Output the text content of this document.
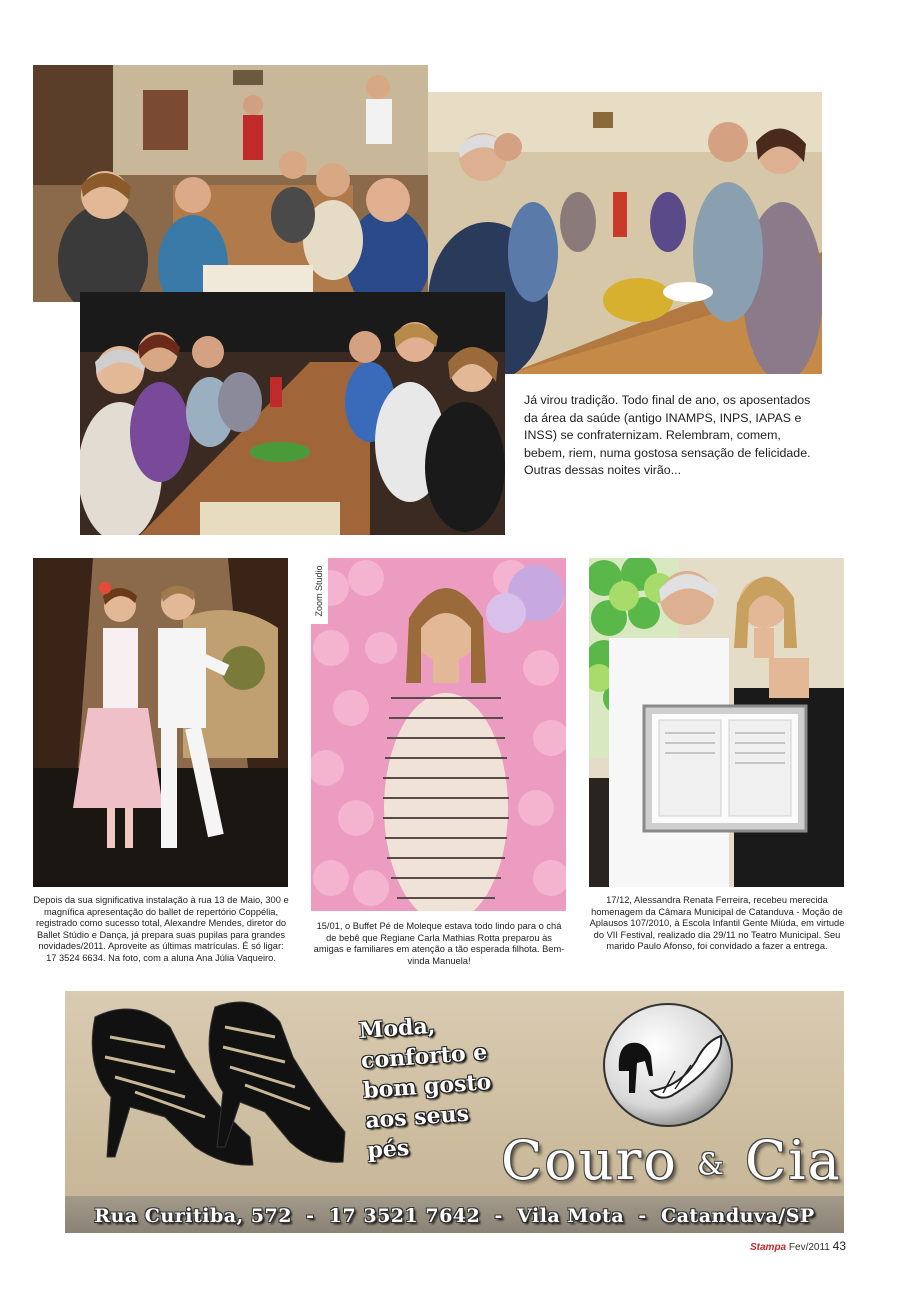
Já virou tradição. Todo final de ano, os aposentados da área da saúde (antigo INAMPS, INPS, IAPAS e INSS) se confraternizam. Relembram, comem, bebem, riem, numa gostosa sensação de felicidade. Outras dessas noites virão...
Zoom Studio
Depois da sua significativa instalação à rua 13 de Maio, 300 e magnífica apresentação do ballet de repertório Coppélia, registrado como sucesso total, Alexandre Mendes, diretor do Ballet Stúdio e Dança, já prepara suas pupilas para grandes novidades/2011. Aproveite as últimas matrículas. É só ligar: 17 3524 6634. Na foto, com a aluna Ana Júlia Vaqueiro.
15/01, o Buffet Pé de Moleque estava todo lindo para o chá de bebê que Regiane Carla Mathias Rotta preparou às amigas e familiares em atenção a tão esperada filhota. Bem-vinda Manuela!
17/12, Alessandra Renata Ferreira, recebeu merecida homenagem da Câmara Municipal de Catanduva - Moção de Aplausos 107/2010, à Escola Infantil Gente Miúda, em virtude do VII Festival, realizado dia 29/11 no Teatro Municipal. Seu marido Paulo Afonso, foi convidado a fazer a entrega.
Moda,
conforto e
bom gosto
aos seus
pés	Couro & Cia
Rua Curitiba, 572  -  17 3521 7642  -  Vila Mota  -  Catanduva/SP
Stampa Fev/2011 43
